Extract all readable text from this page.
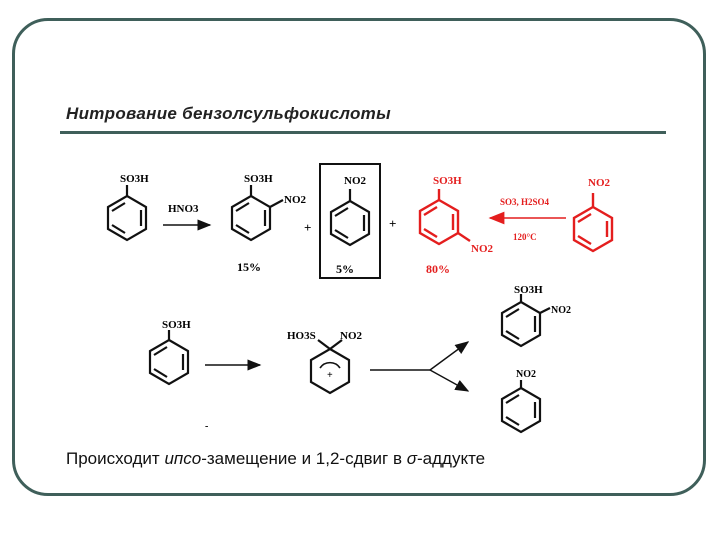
Нитрование бензолсульфокислоты
SO3H
HNO3
SO3H
NO2
15%
+
NO2
5%
+
SO3H
NO2
80%
SO3, H2SO4
120°C
NO2
SO3H
HO3S NO2
+
SO3H
NO2
NO2
-
Происходит ипсо-замещение и 1,2-сдвиг в σ-аддукте
